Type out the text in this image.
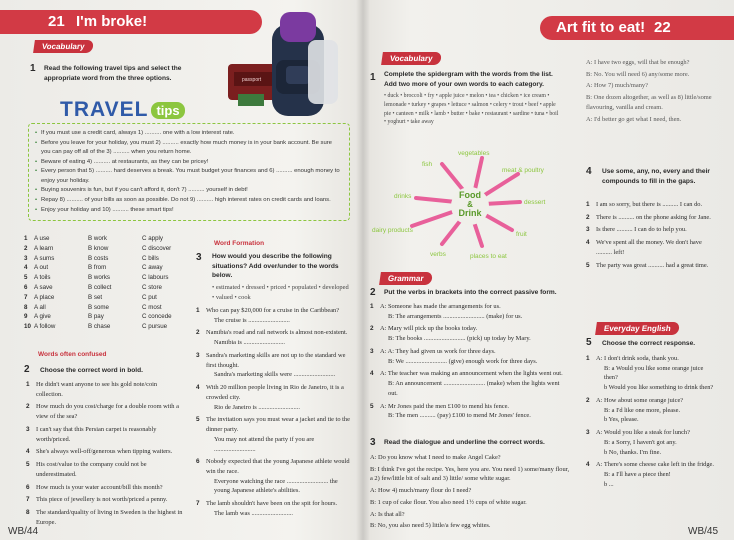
21 I'm broke!
passport
Vocabulary
1 Read the following travel tips and select the appropriate word from the three options.
TRAVEL tips
• If you must use a credit card, always 1) .......... one with a low interest rate.
• Before you leave for your holiday, you must 2) .......... exactly how much money is in your bank account. Be sure you can pay off all of the 3) .......... when you return home.
• Beware of eating 4) .......... at restaurants, as they can be pricey!
• Every person that 5) .......... hard deserves a break. You must budget your finances and 6) .......... enough money to enjoy your holiday.
• Buying souvenirs is fun, but if you can't afford it, don't 7) .......... yourself in debt!
• Repay 8) .......... of your bills as soon as possible. Do not 9) .......... high interest rates on credit cards and loans.
• Enjoy your holiday and 10) .......... these smart tips!
1	A use	B work	C apply
2	A learn	B know	C discover
3	A sums	B costs	C bills
4	A out	B from	C away
5	A toils	B works	C labours
6	A save	B collect	C store
7	A place	B set	C put
8	A all	B some	C most
9	A give	B pay	C concede
10 A follow	B chase	C pursue
Words often confused
2 Choose the correct word in bold.
1	He didn't want anyone to see his gold note/coin collection.
2	How much do you cost/charge for a double room with a view of the sea?
3	I can't say that this Persian carpet is reasonably worth/priced.
4	She's always well-off/generous when tipping waiters.
5	His cost/value to the company could not be underestimated.
6	How much is your water account/bill this month?
7	This piece of jewellery is not worth/priced a penny.
8	The standard/quality of living in Sweden is the highest in Europe.
Word Formation
3 How would you describe the following situations? Add over/under to the words below.
• estimated • dressed • priced • populated • developed • valued • cook
1	Who can pay $20,000 for a cruise in the Caribbean?
The cruise is ..........................
2	Namibia's road and rail network is almost non-existent.
Namibia is ..........................
3	Sandra's marketing skills are not up to the standard we first thought.
Sandra's marketing skills were ..........................
4	With 20 million people living in Rio de Janeiro, it is a crowded city.
Rio de Janeiro is ..........................
5	The invitation says you must wear a jacket and tie to the dinner party.
You may not attend the party if you are ..........................
6	Nobody expected that the young Japanese athlete would win the race.
Everyone watching the race .......................... the young Japanese athlete's abilities.
7	The lamb shouldn't have been on the spit for hours.
The lamb was ..........................
WB/44
Art fit to eat! 22
Vocabulary
1 Complete the spidergram with the words from the list. Add two more of your own words to each category.
• duck • broccoli • fry • apple juice • melon • tea • chicken • ice cream • lemonade • turkey • grapes • lettuce • salmon • celery • trout • beef • apple pie • canteen • milk • lamb • butter • bake • restaurant • sardine • tuna • boil • yoghurt • take away
Food
&
Drink
fish
vegetables
meat & poultry
dessert
fruit
places to eat
verbs
dairy products
drinks
Grammar
2 Put the verbs in brackets into the correct passive form.
1	A: Someone has made the arrangements for us.
B: The arrangements .......................... (make) for us.
2	A: Mary will pick up the books today.
B: The books .......................... (pick) up today by Mary.
3	A: A: They had given us work for three days.
B: We .......................... (give) enough work for three days.
4	A: The teacher was making an announcement when the lights went out.
B: An announcement .......................... (make) when the lights went out.
5	A: Mr Jones paid the men £100 to mend his fence.
B: The men .......... (pay) £100 to mend Mr Jones' fence.
3 Read the dialogue and underline the correct words.
A: Do you know what I need to make Angel Cake?
B: I think I've got the recipe. Yes, here you are. You need 1) some/many flour, a 2) few/little bit of salt and 3) little/ some white sugar.
A: How 4) much/many flour do I need?
B: 1 cup of cake flour. You also need 1½ cups of white sugar.
A: Is that all?
B: No, you also need 5) little/a few egg whites.
A: I have two eggs, will that be enough?
B: No. You will need 6) any/some more.
A: How 7) much/many?
B: One dozen altogether, as well as 8) little/some flavouring, vanilla and cream.
A: I'd better go get what I need, then.
4 Use some, any, no, every and their compounds to fill in the gaps.
1	I am so sorry, but there is .......... I can do.
2	There is .......... on the phone asking for Jane.
3	Is there .......... I can do to help you.
4	We've spent all the money. We don't have .......... left!
5	The party was great .......... had a great time.
Everyday English
5 Choose the correct response.
1	A: I don't drink soda, thank you.
B: a Would you like some orange juice then?
b Would you like something to drink then?
2	A: How about some orange juice?
B: a I'd like one more, please.
b Yes, please.
3	A: Would you like a steak for lunch?
B: a Sorry, I haven't got any.
b No, thanks. I'm fine.
4	A: There's some cheese cake left in the fridge.
B: a I'll have a piece then!
b ...
WB/45
